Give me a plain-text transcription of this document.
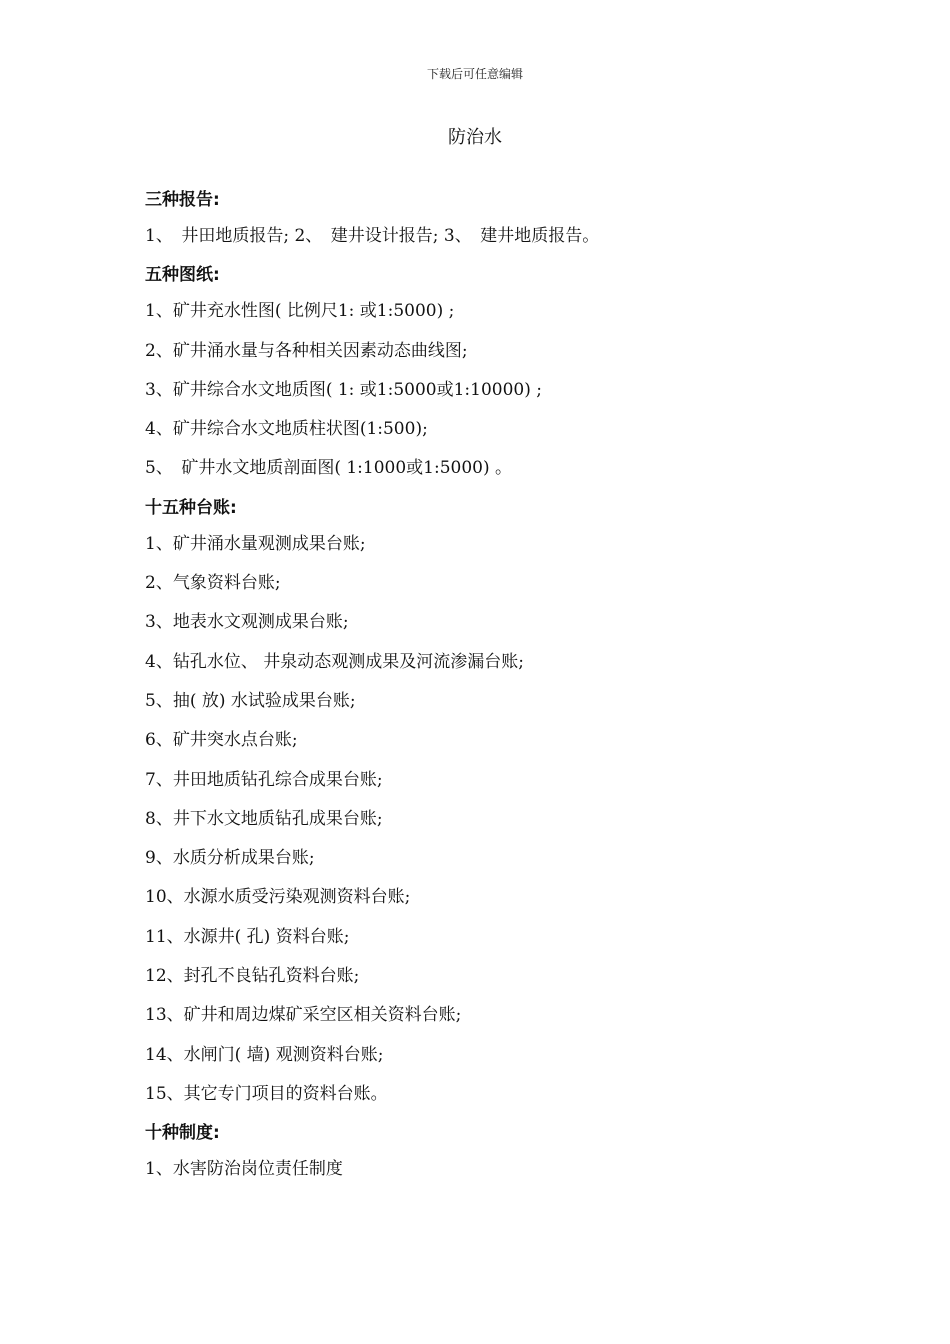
下载后可任意编辑
防治水
三种报告:
1、　井田地质报告; 2、　建井设计报告; 3、　建井地质报告。
五种图纸:
1、矿井充水性图( 比例尺1: 或1:5000) ;
2、矿井涌水量与各种相关因素动态曲线图;
3、矿井综合水文地质图( 1: 或1:5000或1:10000) ;
4、矿井综合水文地质柱状图(1:500);
5、　矿井水文地质剖面图( 1:1000或1:5000) 。
十五种台账:
1、矿井涌水量观测成果台账;
2、气象资料台账;
3、地表水文观测成果台账;
4、钻孔水位、 井泉动态观测成果及河流渗漏台账;
5、抽( 放) 水试验成果台账;
6、矿井突水点台账;
7、井田地质钻孔综合成果台账;
8、井下水文地质钻孔成果台账;
9、水质分析成果台账;
10、水源水质受污染观测资料台账;
11、水源井( 孔) 资料台账;
12、封孔不良钻孔资料台账;
13、矿井和周边煤矿采空区相关资料台账;
14、水闸门( 墙) 观测资料台账;
15、其它专门项目的资料台账。
十种制度:
1、水害防治岗位责任制度
